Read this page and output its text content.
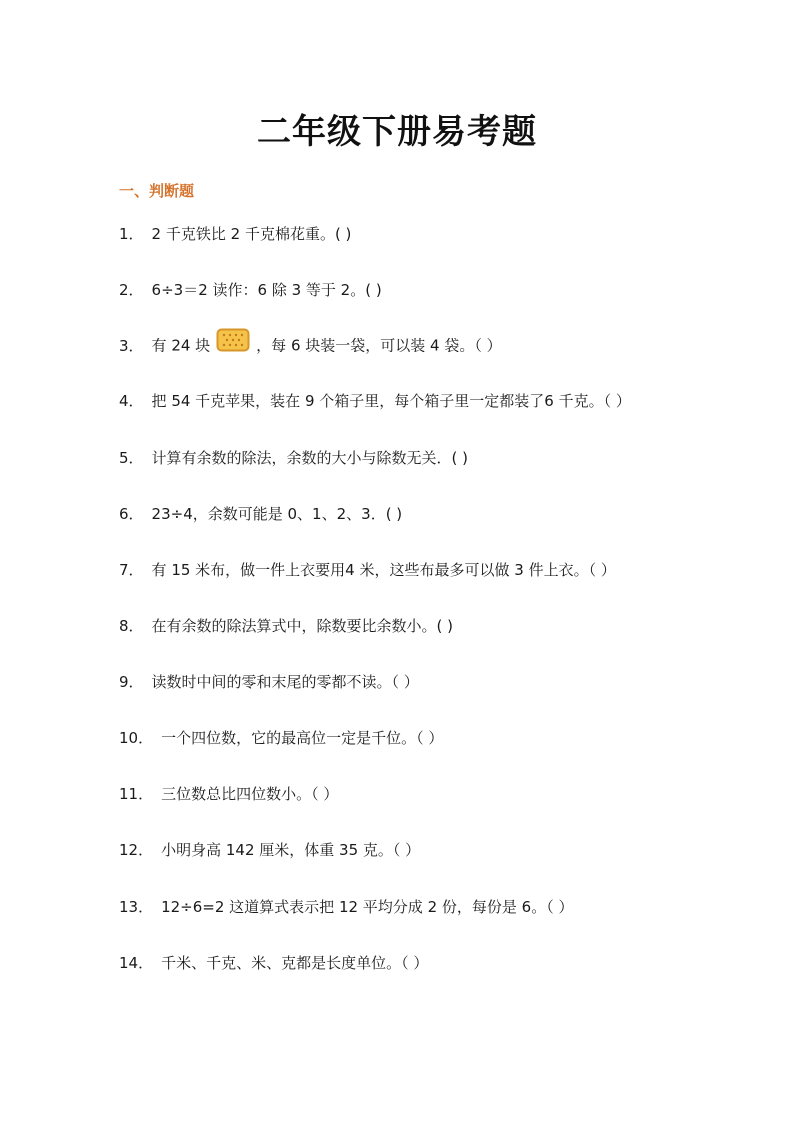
二年级下册易考题
一、判断题
1． 2 千克铁比 2 千克棉花重。( )
2． 6÷3＝2 读作：6 除 3 等于 2。( )
3． 有 24 块	，每 6 块装一袋，可以装 4 袋。（ ）
4． 把 54 千克苹果，装在 9 个箱子里，每个箱子里一定都装了6 千克。（ ）
5． 计算有余数的除法，余数的大小与除数无关．( )
6． 23÷4，余数可能是 0、1、2、3．( )
7． 有 15 米布，做一件上衣要用4 米，这些布最多可以做 3 件上衣。（ ）
8． 在有余数的除法算式中，除数要比余数小。( )
9． 读数时中间的零和末尾的零都不读。（ ）
10． 一个四位数，它的最高位一定是千位。（ ）
11． 三位数总比四位数小。（ ）
12． 小明身高 142 厘米，体重 35 克。（ ）
13． 12÷6=2 这道算式表示把 12 平均分成 2 份，每份是 6。（ ）
14． 千米、千克、米、克都是长度单位。（ ）
